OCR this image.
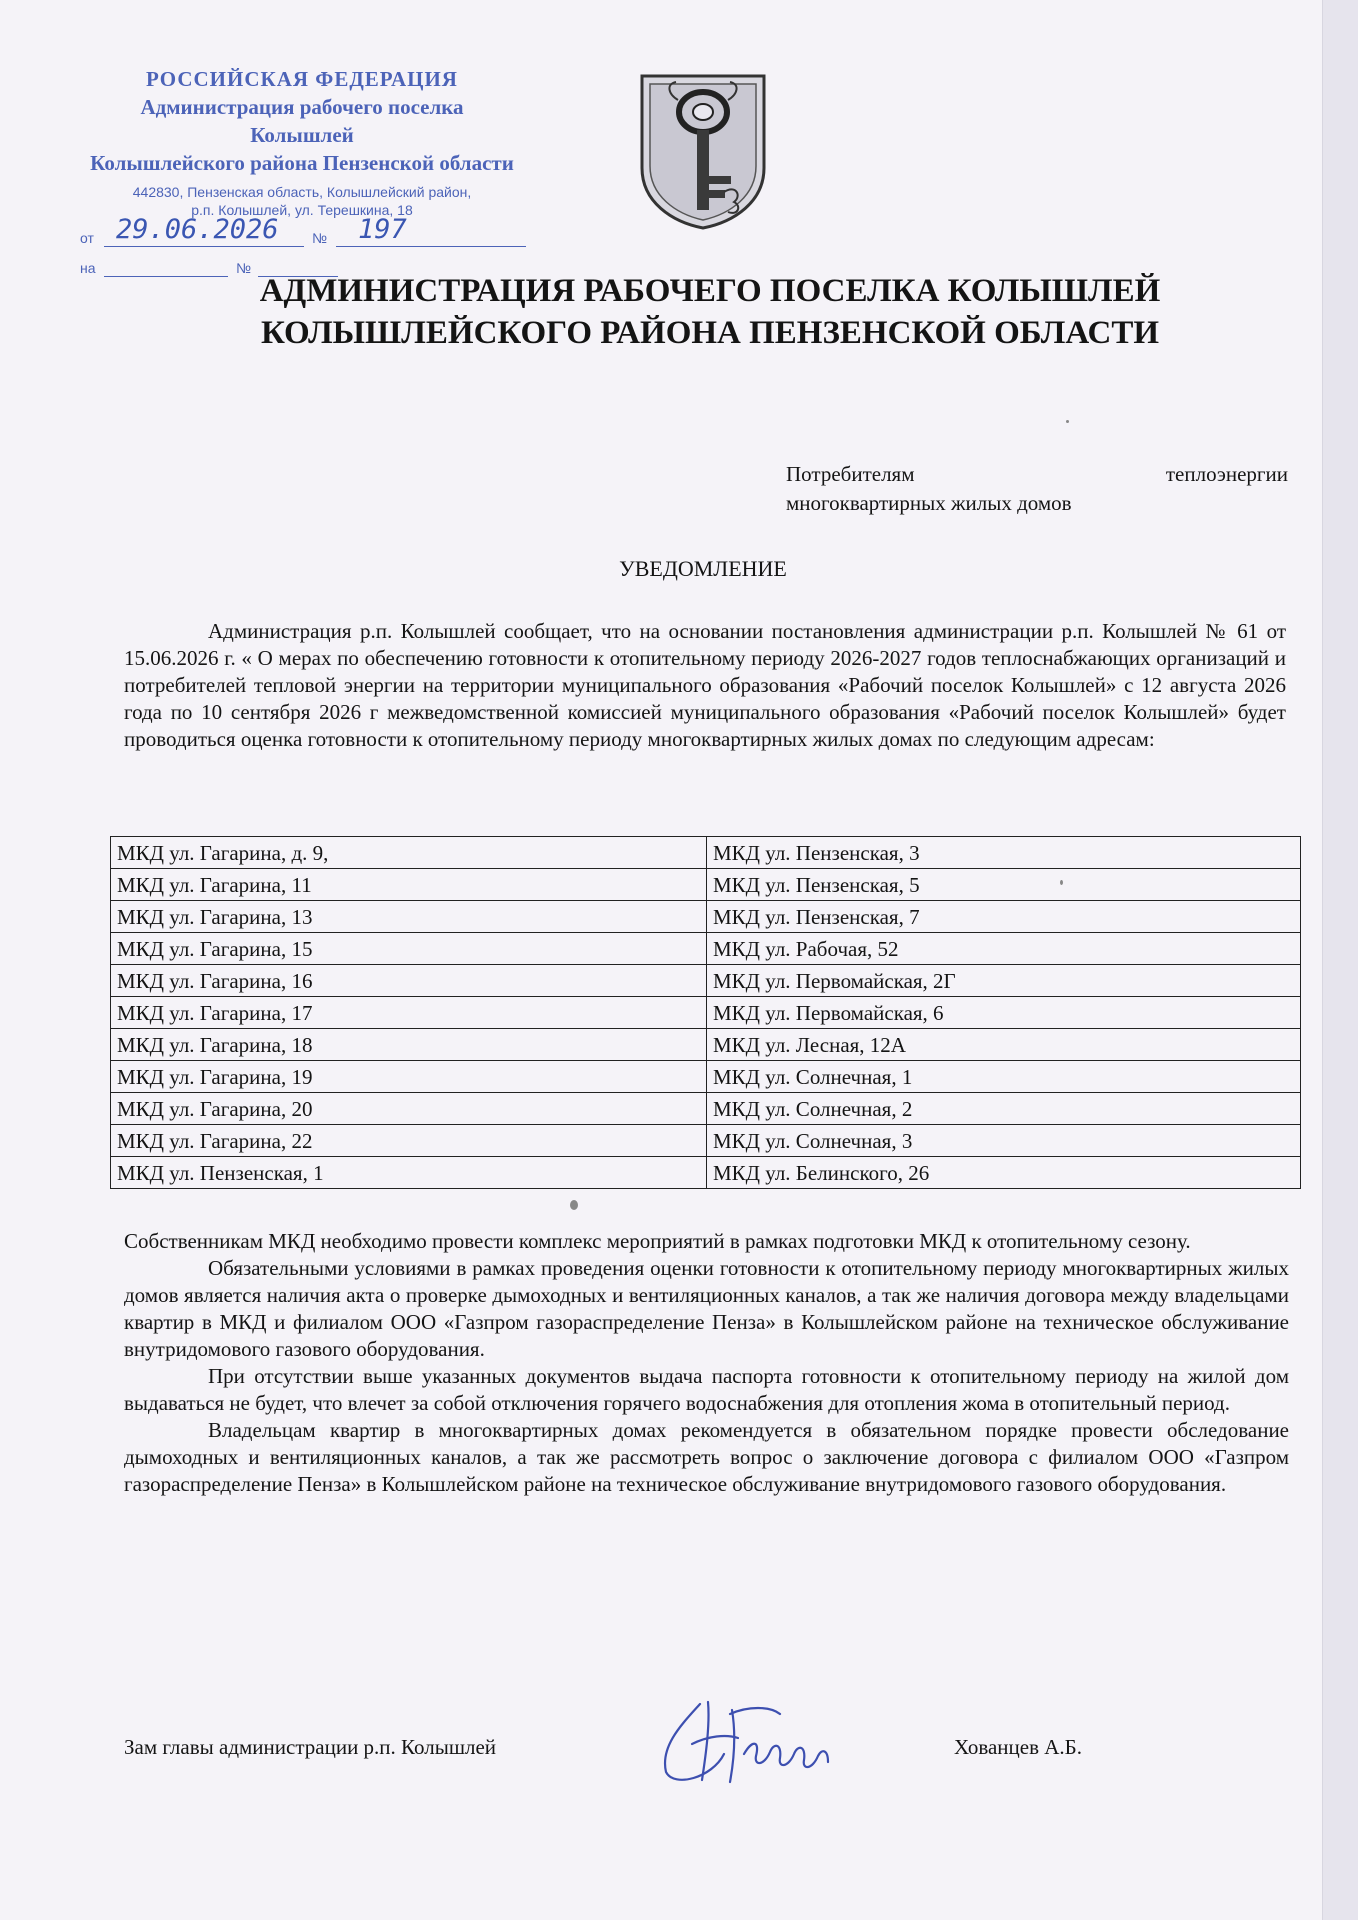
РОССИЙСКАЯ ФЕДЕРАЦИЯ
Администрация рабочего поселка
Колышлей
Колышлейского района Пензенской области
442830, Пензенская область, Колышлейский район,
р.п. Колышлей, ул. Терешкина, 18
от 29.06.2026 № 197
на	№
АДМИНИСТРАЦИЯ РАБОЧЕГО ПОСЕЛКА КОЛЫШЛЕЙ
КОЛЫШЛЕЙСКОГО РАЙОНА ПЕНЗЕНСКОЙ ОБЛАСТИ
Потребителям	теплоэнергии
многоквартирных жилых домов
УВЕДОМЛЕНИЕ
Администрация р.п. Колышлей сообщает, что на основании постановления администрации р.п. Колышлей № 61 от 15.06.2026 г. « О мерах по обеспечению готовности к отопительному периоду 2026-2027 годов теплоснабжающих организаций и потребителей тепловой энергии на территории муниципального образования «Рабочий поселок Колышлей» с 12 августа 2026 года по 10 сентября 2026 г межведомственной комиссией муниципального образования «Рабочий поселок Колышлей» будет проводиться оценка готовности к отопительному периоду многоквартирных жилых домах по следующим адресам:
МКД ул. Гагарина, д. 9,	МКД ул. Пензенская, 3
МКД ул. Гагарина, 11	МКД ул. Пензенская, 5
МКД ул. Гагарина, 13	МКД ул. Пензенская, 7
МКД ул. Гагарина, 15	МКД ул. Рабочая, 52
МКД ул. Гагарина, 16	МКД ул. Первомайская, 2Г
МКД ул. Гагарина, 17	МКД ул. Первомайская, 6
МКД ул. Гагарина, 18	МКД ул. Лесная, 12А
МКД ул. Гагарина, 19	МКД ул. Солнечная, 1
МКД ул. Гагарина, 20	МКД ул. Солнечная, 2
МКД ул. Гагарина, 22	МКД ул. Солнечная, 3
МКД ул. Пензенская, 1	МКД ул. Белинского, 26

Собственникам МКД необходимо провести комплекс мероприятий в рамках подготовки МКД к отопительному сезону.

Обязательными условиями в рамках проведения оценки готовности к отопительному периоду многоквартирных жилых домов является наличия акта о проверке дымоходных и вентиляционных каналов, а так же наличия договора между владельцами квартир в МКД и филиалом ООО «Газпром газораспределение Пенза» в Колышлейском районе на техническое обслуживание внутридомового газового оборудования.

При отсутствии выше указанных документов выдача паспорта готовности к отопительному периоду на жилой дом выдаваться не будет, что влечет за собой отключения горячего водоснабжения для отопления жома в отопительный период.

Владельцам квартир в многоквартирных домах рекомендуется в обязательном порядке провести обследование дымоходных и вентиляционных каналов, а так же рассмотреть вопрос о заключение договора с филиалом ООО «Газпром газораспределение Пенза» в Колышлейском районе на техническое обслуживание внутридомового газового оборудования.

Зам главы администрации р.п. Колышлей	Хованцев А.Б.
